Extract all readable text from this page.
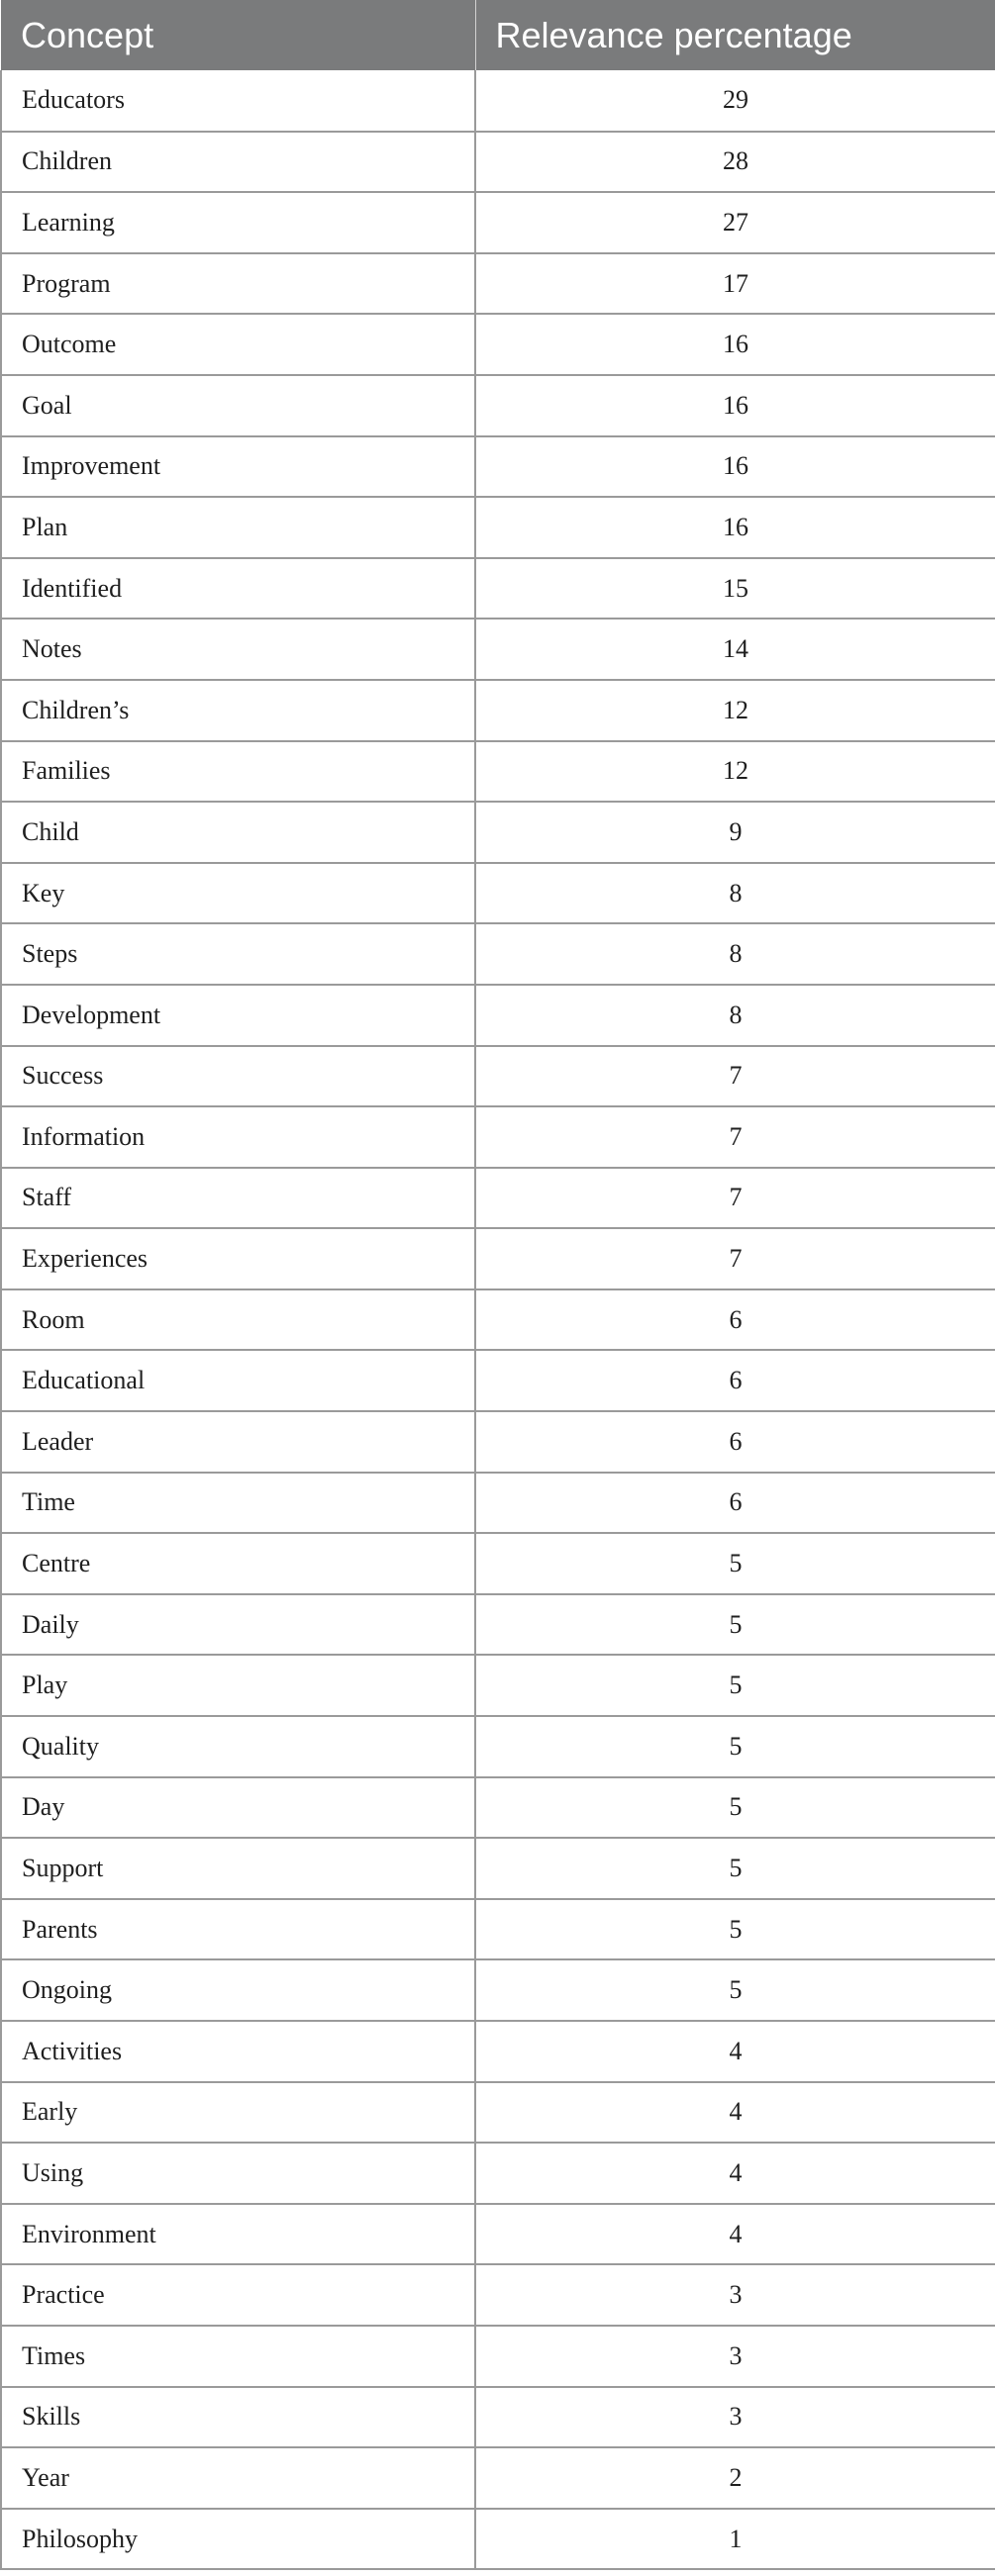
Concept	Relevance percentage
Educators	29
Children	28
Learning	27
Program	17
Outcome	16
Goal	16
Improvement	16
Plan	16
Identified	15
Notes	14
Children’s	12
Families	12
Child	9
Key	8
Steps	8
Development	8
Success	7
Information	7
Staff	7
Experiences	7
Room	6
Educational	6
Leader	6
Time	6
Centre	5
Daily	5
Play	5
Quality	5
Day	5
Support	5
Parents	5
Ongoing	5
Activities	4
Early	4
Using	4
Environment	4
Practice	3
Times	3
Skills	3
Year	2
Philosophy	1
